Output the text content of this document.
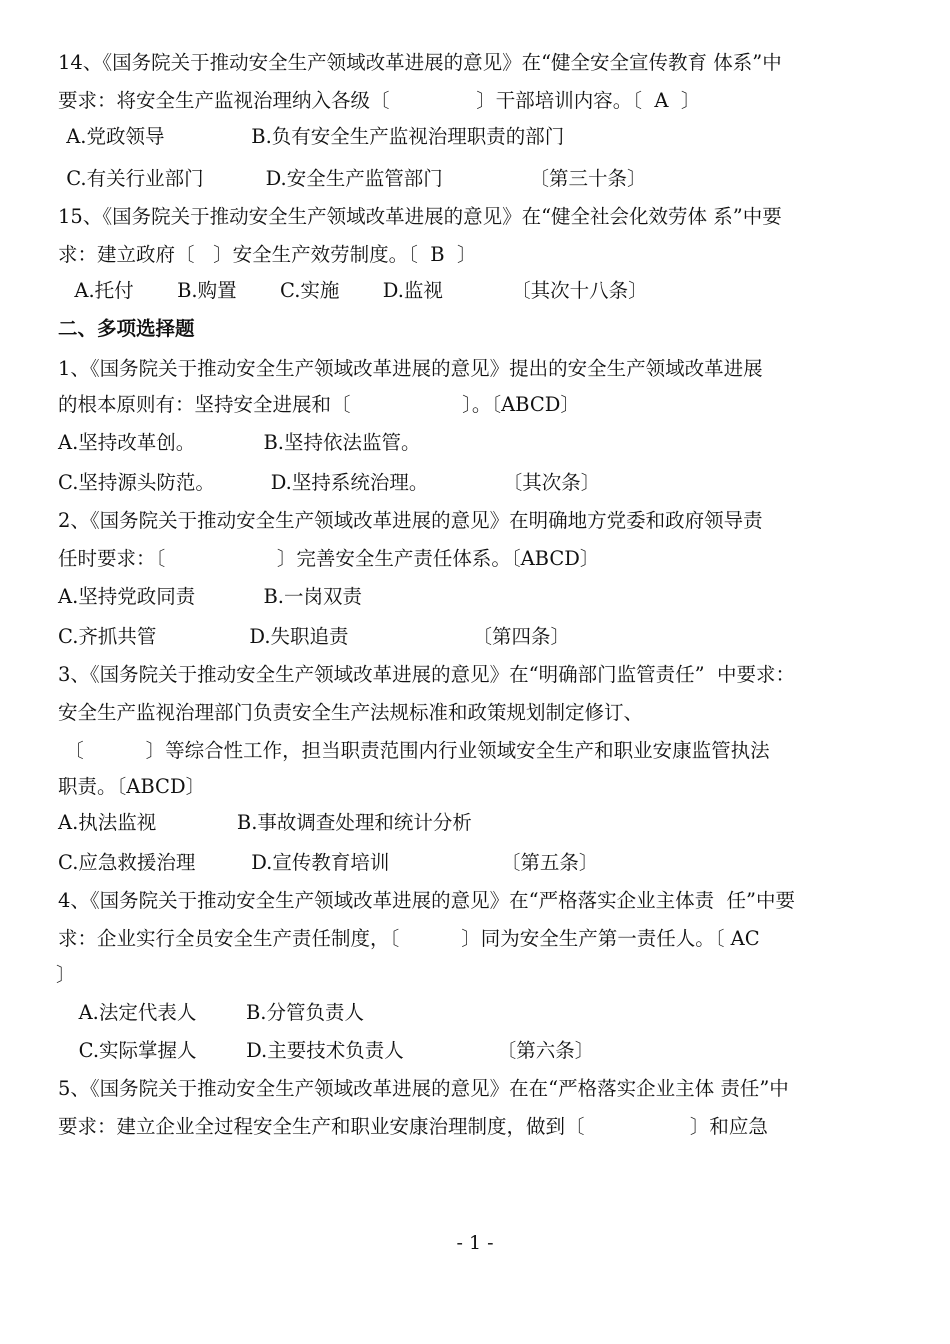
14、《国务院关于推动安全生产领域改革进展的意见》在“健全安全宣传教育 体系”中
要求：将安全生产监视治理纳入各级〔              〕干部培训内容。〔  A  〕
A.党政领导              B.负有安全生产监视治理职责的部门
C.有关行业部门          D.安全生产监管部门              〔第三十条〕
15、《国务院关于推动安全生产领域改革进展的意见》在“健全社会化效劳体 系”中要
求：建立政府〔   〕安全生产效劳制度。〔  B  〕
A.托付       B.购置       C.实施       D.监视           〔其次十八条〕
二、多项选择题
1、《国务院关于推动安全生产领域改革进展的意见》提出的安全生产领域改革进展
的根本原则有：坚持安全进展和〔                  〕。〔ABCD〕
A.坚持改革创。           B.坚持依法监管。
C.坚持源头防范。         D.坚持系统治理。            〔其次条〕
2、《国务院关于推动安全生产领域改革进展的意见》在明确地方党委和政府领导责
任时要求：〔                  〕完善安全生产责任体系。〔ABCD〕
A.坚持党政同责           B.一岗双责
C.齐抓共管               D.失职追责                    〔第四条〕
3、《国务院关于推动安全生产领域改革进展的意见》在“明确部门监管责任”  中要求：
安全生产监视治理部门负责安全生产法规标准和政策规划制定修订、
〔          〕等综合性工作，担当职责范围内行业领域安全生产和职业安康监管执法
职责。〔ABCD〕
A.执法监视             B.事故调查处理和统计分析
C.应急救援治理         D.宣传教育培训                  〔第五条〕
4、《国务院关于推动安全生产领域改革进展的意见》在“严格落实企业主体责  任”中要
求：企业实行全员安全生产责任制度，〔          〕同为安全生产第一责任人。〔 AC
〕
A.法定代表人        B.分管负责人
C.实际掌握人        D.主要技术负责人               〔第六条〕
5、《国务院关于推动安全生产领域改革进展的意见》在在“严格落实企业主体 责任”中
要求：建立企业全过程安全生产和职业安康治理制度，做到〔                 〕和应急
- 1 -
